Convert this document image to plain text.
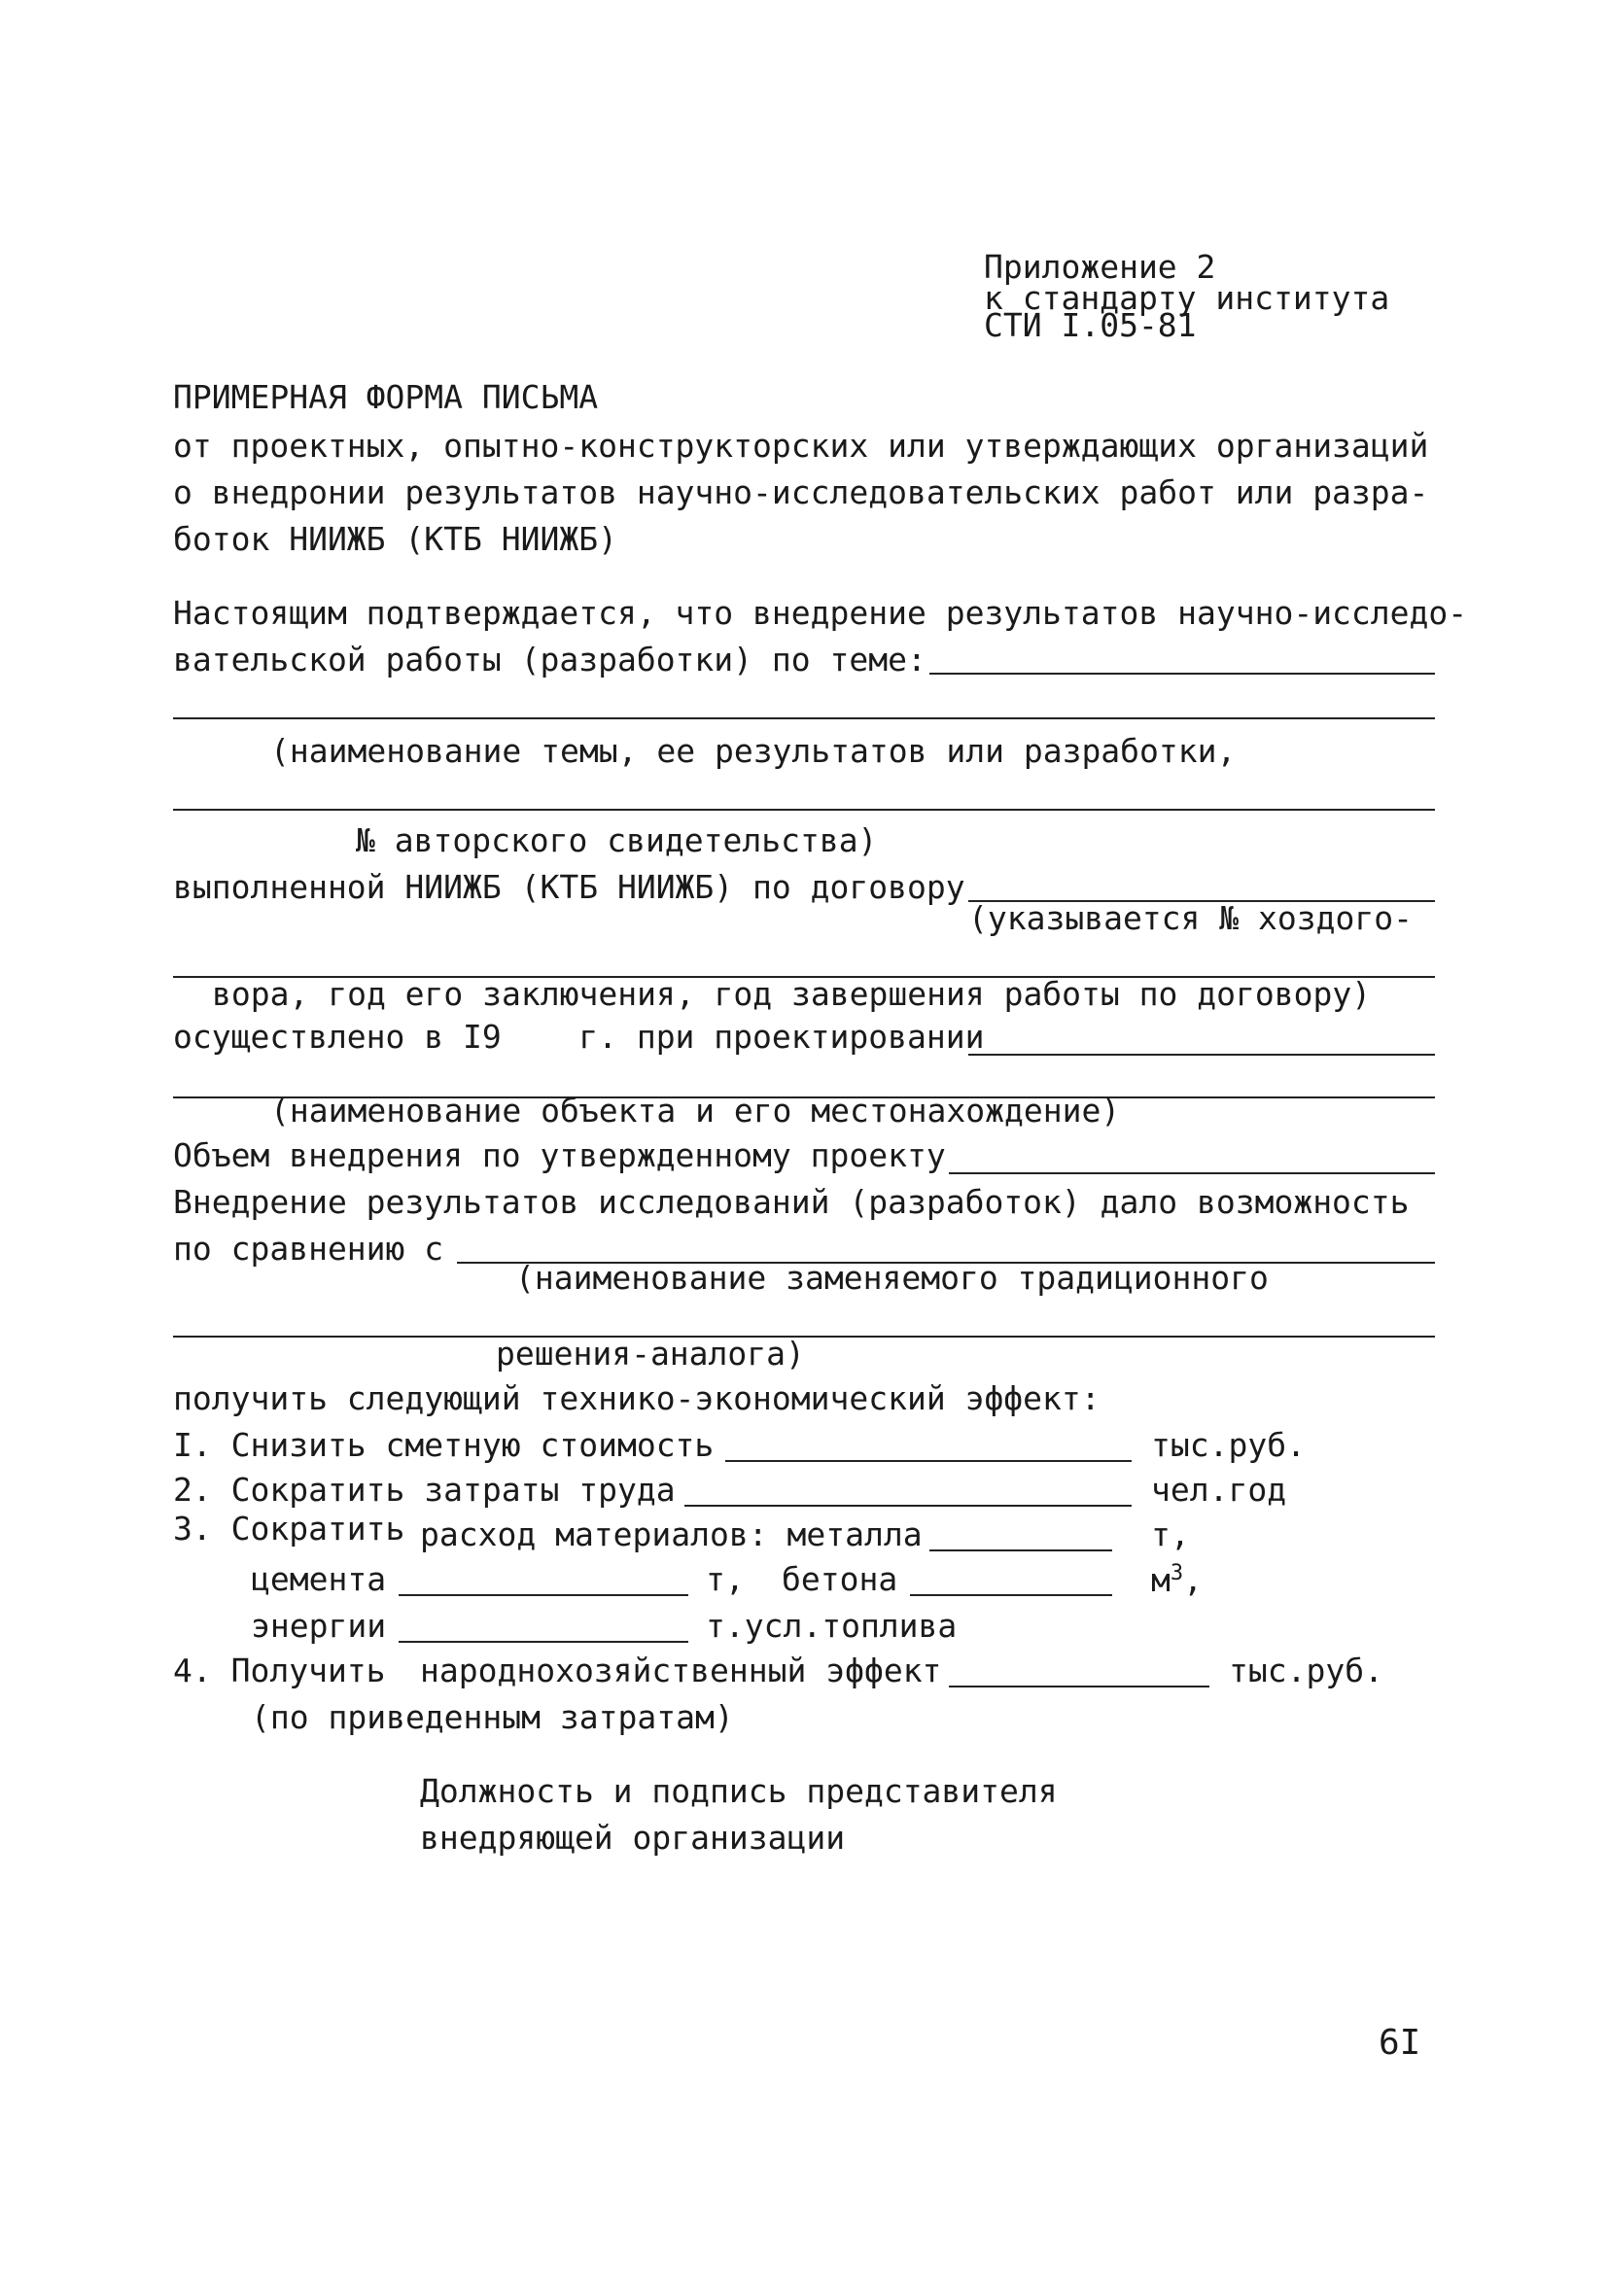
Приложение 2
к стандарту института
СТИ I.05-81
ПРИМЕРНАЯ ФОРМА ПИСЬМА
от проектных, опытно-конструкторских или утверждающих организаций
о внедронии результатов научно-исследовательских работ или разра-
боток НИИЖБ (КТБ НИИЖБ)
Настоящим подтверждается, что внедрение результатов научно-исследо-
вательской работы (разработки) по теме:
(наименование темы, ее результатов или разработки,
№ авторского свидетельства)
выполненной НИИЖБ (КТБ НИИЖБ) по договору
(указывается № хоздого-
вора, год его заключения, год завершения работы по договору)
осуществлено в I9    г. при проектировании
(наименование объекта и его местонахождение)
Объем внедрения по утвержденному проекту
Внедрение результатов исследований (разработок) дало возможность
по сравнению с
(наименование заменяемого традиционного
решения-аналога)
получить следующий технико-экономический эффект:
I. Снизить сметную стоимость	тыс.руб.
2. Сократить затраты труда	чел.год
3. Сократить расход материалов: металла	т,
цемента	т, бетона	$м^3$,
энергии	т.усл.топлива
4. Получить народнохозяйственный эффект	тыс.руб.
(по приведенным затратам)
Должность и подпись представителя
внедряющей организации
6I
